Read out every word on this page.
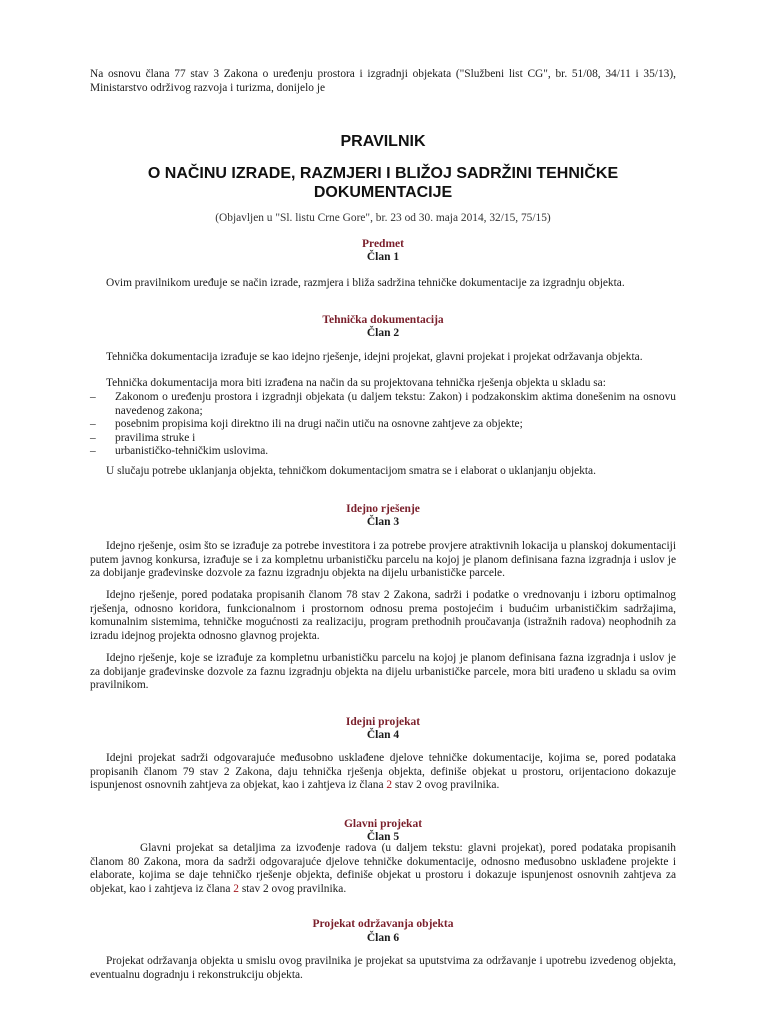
Na osnovu člana 77 stav 3 Zakona o uređenju prostora i izgradnji objekata ("Službeni list CG", br. 51/08, 34/11 i 35/13), Ministarstvo održivog razvoja i turizma, donijelo je

PRAVILNIK
O NAČINU IZRADE, RAZMJERI I BLIŽOJ SADRŽINI TEHNIČKE DOKUMENTACIJE
(Objavljen u "Sl. listu Crne Gore", br. 23 od 30. maja 2014, 32/15, 75/15)
Predmet
Član 1

Ovim pravilnikom uređuje se način izrade, razmjera i bliža sadržina tehničke dokumentacije za izgradnju objekta.

Tehnička dokumentacija
Član 2

Tehnička dokumentacija izrađuje se kao idejno rješenje, idejni projekat, glavni projekat i projekat održavanja objekta.

Tehnička dokumentacija mora biti izrađena na način da su projektovana tehnička rješenja objekta u skladu sa:

– Zakonom o uređenju prostora i izgradnji objekata (u daljem tekstu: Zakon) i podzakonskim aktima donešenim na osnovu navedenog zakona;
– posebnim propisima koji direktno ili na drugi način utiču na osnovne zahtjeve za objekte;
– pravilima struke i
– urbanističko-tehničkim uslovima.

U slučaju potrebe uklanjanja objekta, tehničkom dokumentacijom smatra se i elaborat o uklanjanju objekta.

Idejno rješenje
Član 3

Idejno rješenje, osim što se izrađuje za potrebe investitora i za potrebe provjere atraktivnih lokacija u planskoj dokumentaciji putem javnog konkursa, izrađuje se i za kompletnu urbanističku parcelu na kojoj je planom definisana fazna izgradnja i uslov je za dobijanje građevinske dozvole za faznu izgradnju objekta na dijelu urbanističke parcele.

Idejno rješenje, pored podataka propisanih članom 78 stav 2 Zakona, sadrži i podatke o vrednovanju i izboru optimalnog rješenja, odnosno koridora, funkcionalnom i prostornom odnosu prema postojećim i budućim urbanističkim sadržajima, komunalnim sistemima, tehničke mogućnosti za realizaciju, program prethodnih proučavanja (istražnih radova) neophodnih za izradu idejnog projekta odnosno glavnog projekta.

Idejno rješenje, koje se izrađuje za kompletnu urbanističku parcelu na kojoj je planom definisana fazna izgradnja i uslov je za dobijanje građevinske dozvole za faznu izgradnju objekta na dijelu urbanističke parcele, mora biti urađeno u skladu sa ovim pravilnikom.

Idejni projekat
Član 4

Idejni projekat sadrži odgovarajuće međusobno usklađene djelove tehničke dokumentacije, kojima se, pored podataka propisanih članom 79 stav 2 Zakona, daju tehnička rješenja objekta, definiše objekat u prostoru, orijentaciono dokazuje ispunjenost osnovnih zahtjeva za objekat, kao i zahtjeva iz člana 2 stav 2 ovog pravilnika.

Glavni projekat
Član 5

Glavni projekat sa detaljima za izvođenje radova (u daljem tekstu: glavni projekat), pored podataka propisanih članom 80 Zakona, mora da sadrži odgovarajuće djelove tehničke dokumentacije, odnosno međusobno usklađene projekte i elaborate, kojima se daje tehničko rješenje objekta, definiše objekat u prostoru i dokazuje ispunjenost osnovnih zahtjeva za objekat, kao i zahtjeva iz člana 2 stav 2 ovog pravilnika.

Projekat održavanja objekta
Član 6

Projekat održavanja objekta u smislu ovog pravilnika je projekat sa uputstvima za održavanje i upotrebu izvedenog objekta, eventualnu dogradnju i rekonstrukciju objekta.
